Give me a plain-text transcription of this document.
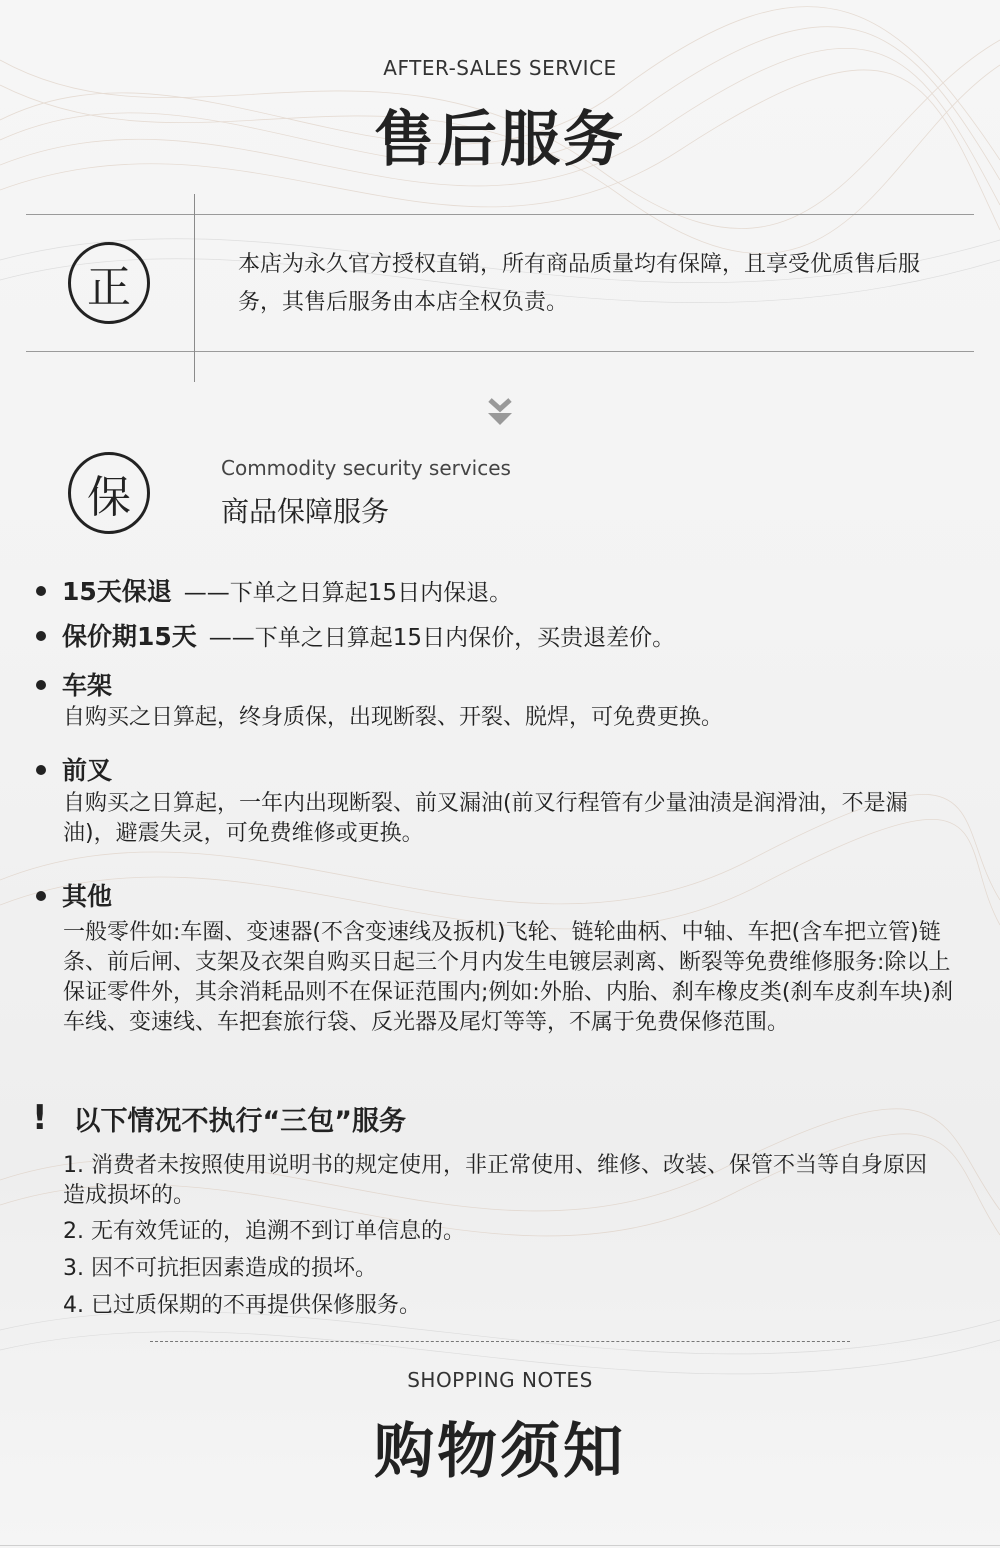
AFTER-SALES SERVICE
售后服务
正	本店为永久官方授权直销，所有商品质量均有保障，且享受优质售后服务，其售后服务由本店全权负责。
保
Commodity security services
商品保障服务
15天保退 ——下单之日算起15日内保退。
保价期15天 ——下单之日算起15日内保价，买贵退差价。
车架
自购买之日算起，终身质保，出现断裂、开裂、脱焊，可免费更换。
前叉
自购买之日算起，一年内出现断裂、前叉漏油(前叉行程管有少量油渍是润滑油，不是漏油)，避震失灵，可免费维修或更换。
其他
一般零件如:车圈、变速器(不含变速线及扳机)飞轮、链轮曲柄、中轴、车把(含车把立管)链条、前后闸、支架及衣架自购买日起三个月内发生电镀层剥离、断裂等免费维修服务:除以上保证零件外，其余消耗品则不在保证范围内;例如:外胎、内胎、刹车橡皮类(刹车皮刹车块)刹车线、变速线、车把套旅行袋、反光器及尾灯等等，不属于免费保修范围。
! 以下情况不执行“三包”服务
1. 消费者未按照使用说明书的规定使用，非正常使用、维修、改装、保管不当等自身原因造成损坏的。
2. 无有效凭证的，追溯不到订单信息的。
3. 因不可抗拒因素造成的损坏。
4. 已过质保期的不再提供保修服务。
SHOPPING NOTES
购物须知
